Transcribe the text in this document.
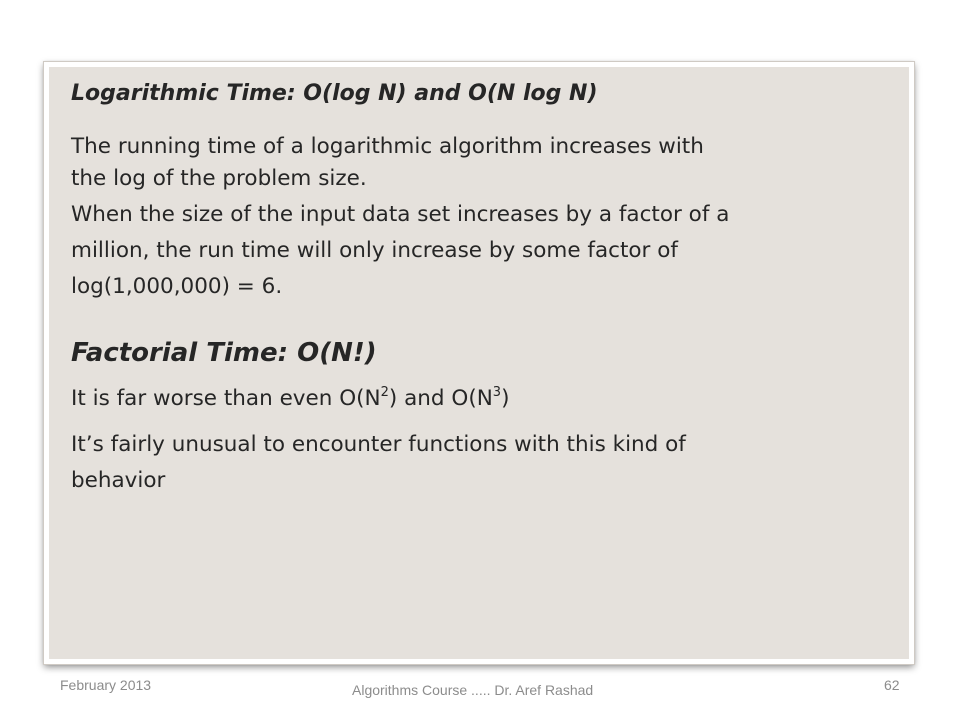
Logarithmic Time: O(log N) and O(N log N)

The running time of a logarithmic algorithm increases with

the log of the problem size.

When the size of the input data set increases by a factor of a

million, the run time will only increase by some factor of

log(1,000,000) = 6.

Factorial Time: O(N!)

It is far worse than even $O(N^2)$ and $O(N^3)$

It’s fairly unusual to encounter functions with this kind of

behavior

February 2013	Algorithms Course ..... Dr. Aref Rashad	62
